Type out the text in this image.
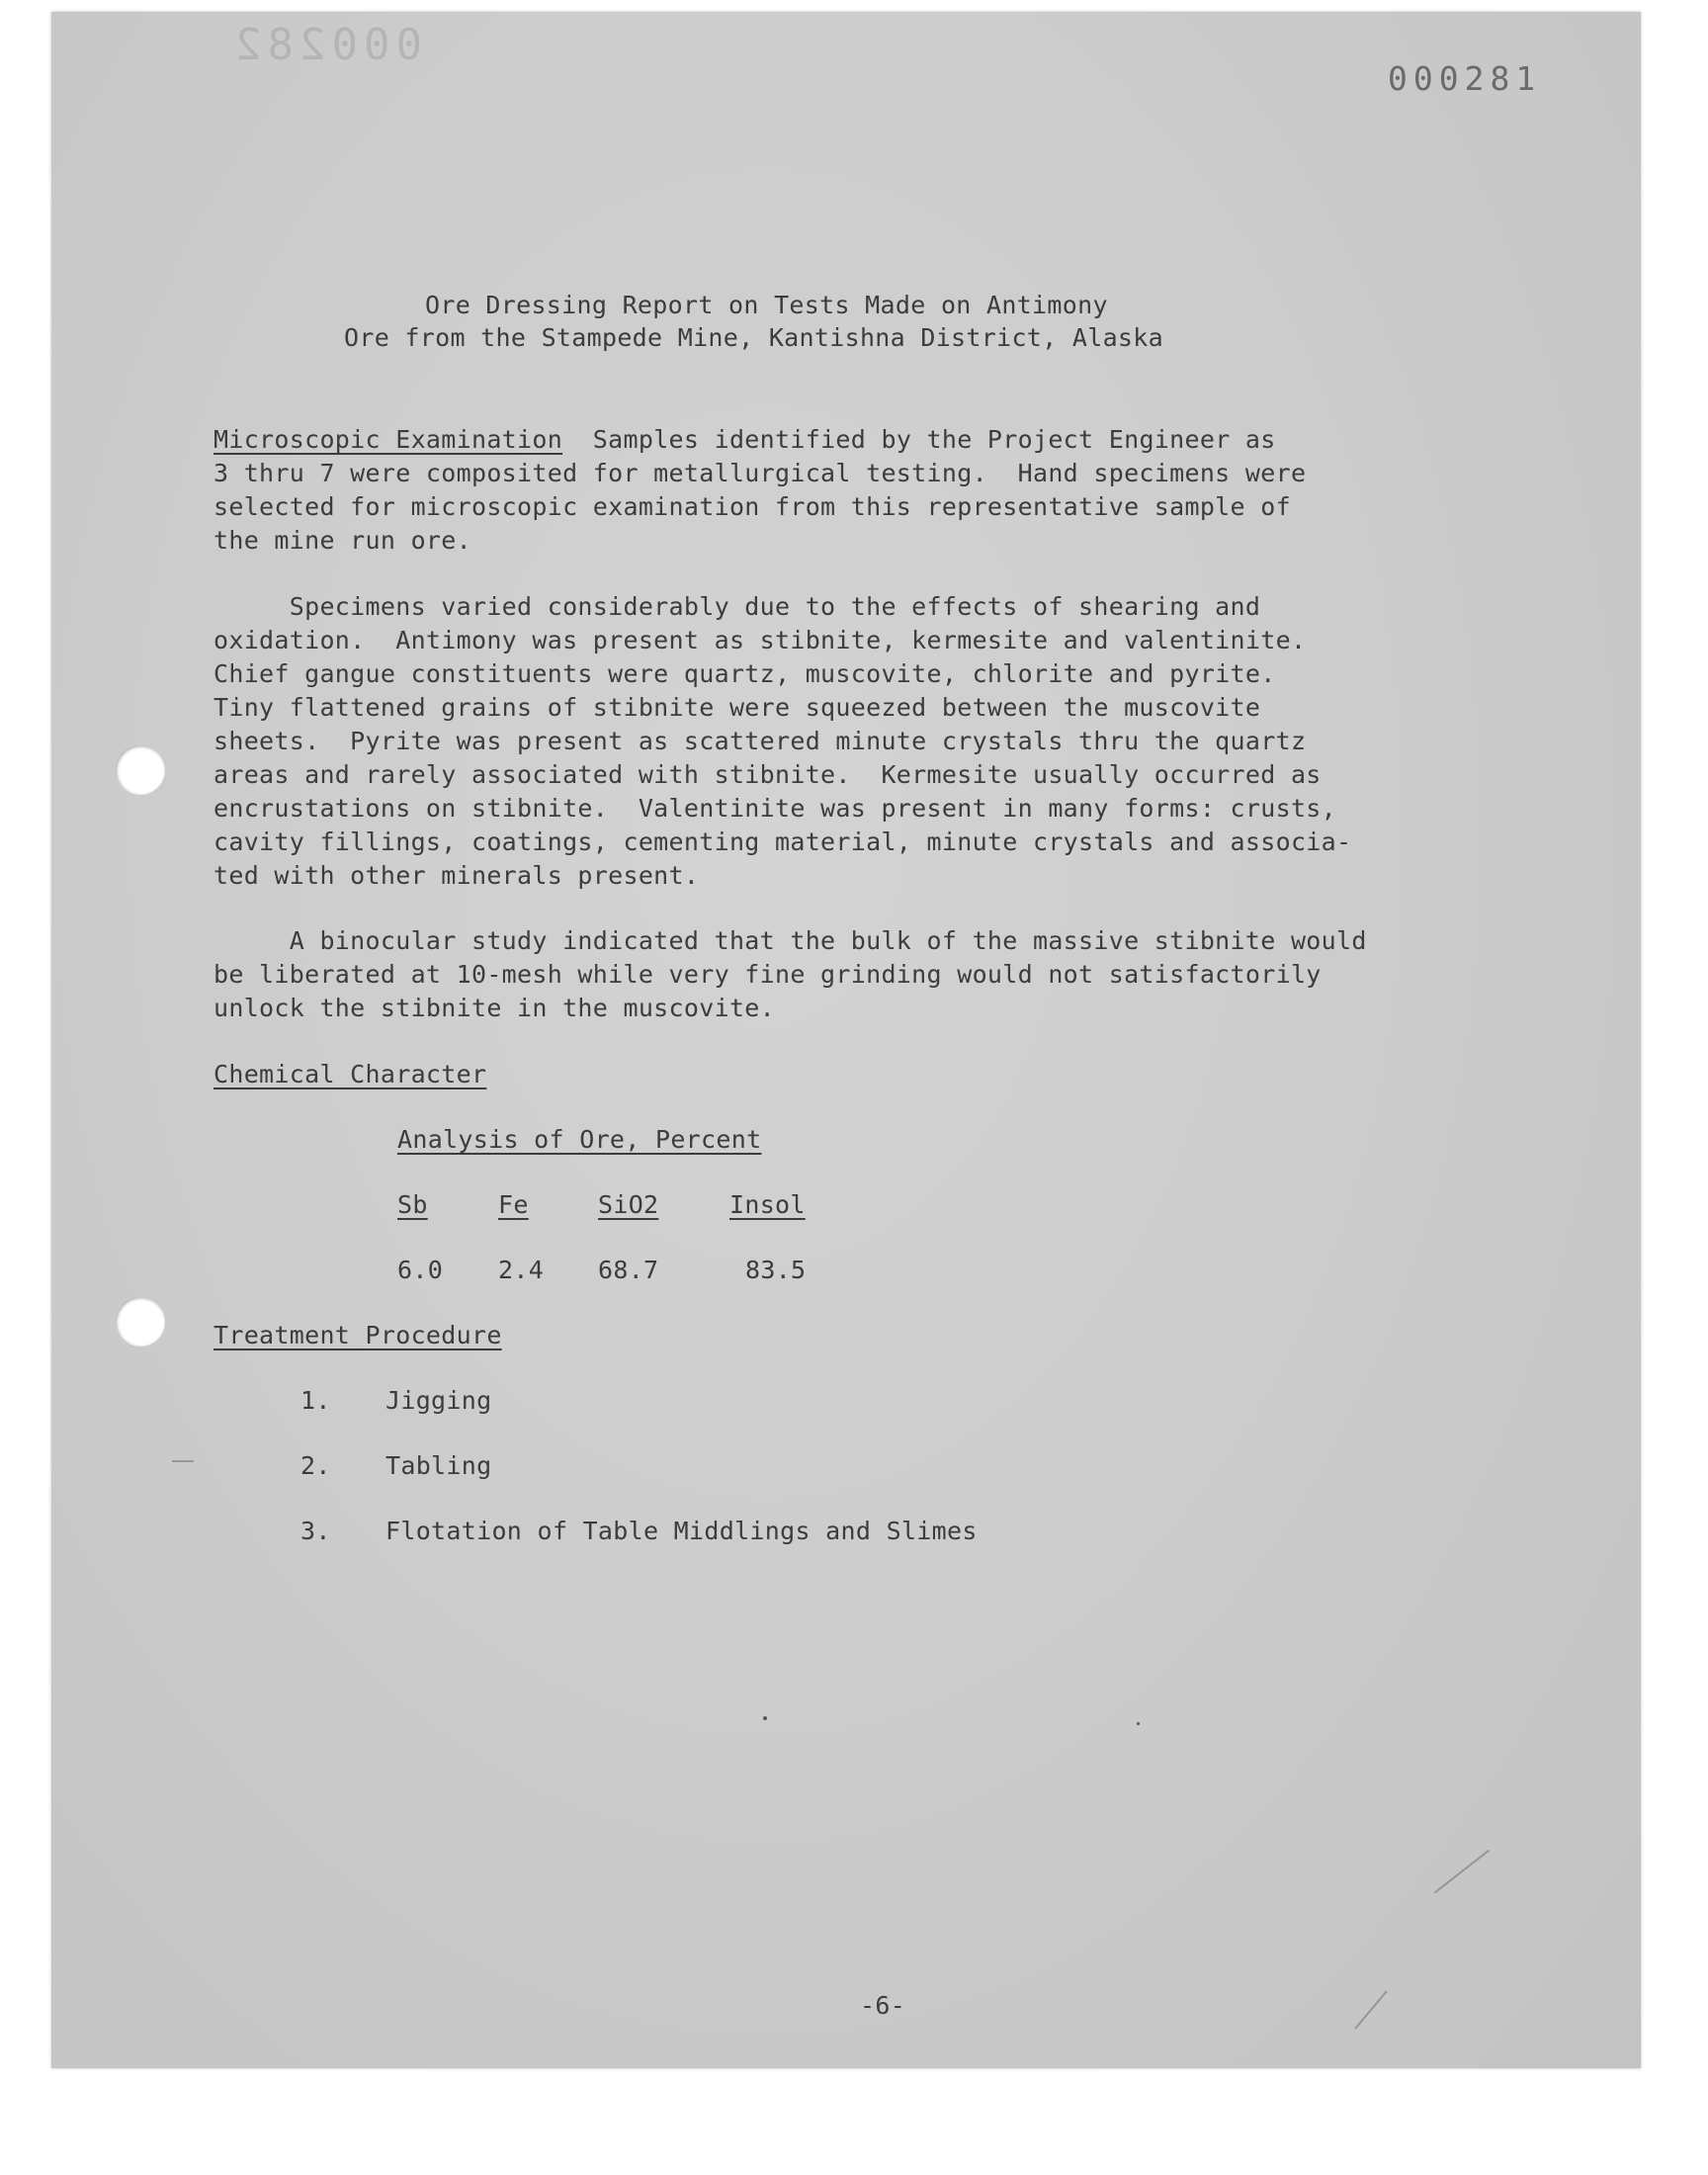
000282
000281
Ore Dressing Report on Tests Made on Antimony
Ore from the Stampede Mine, Kantishna District, Alaska
Microscopic Examination  Samples identified by the Project Engineer as
3 thru 7 were composited for metallurgical testing.  Hand specimens were
selected for microscopic examination from this representative sample of
the mine run ore.
Specimens varied considerably due to the effects of shearing and
oxidation.  Antimony was present as stibnite, kermesite and valentinite.
Chief gangue constituents were quartz, muscovite, chlorite and pyrite.
Tiny flattened grains of stibnite were squeezed between the muscovite
sheets.  Pyrite was present as scattered minute crystals thru the quartz
areas and rarely associated with stibnite.  Kermesite usually occurred as
encrustations on stibnite.  Valentinite was present in many forms: crusts,
cavity fillings, coatings, cementing material, minute crystals and associa-
ted with other minerals present.
A binocular study indicated that the bulk of the massive stibnite would
be liberated at 10-mesh while very fine grinding would not satisfactorily
unlock the stibnite in the muscovite.
Chemical Character
Analysis of Ore, Percent
Sb	Fe	SiO2	Insol
6.0 2.4 68.7	83.5
Treatment Procedure
1. Jigging
2. Tabling
3. Flotation of Table Middlings and Slimes
-6-
